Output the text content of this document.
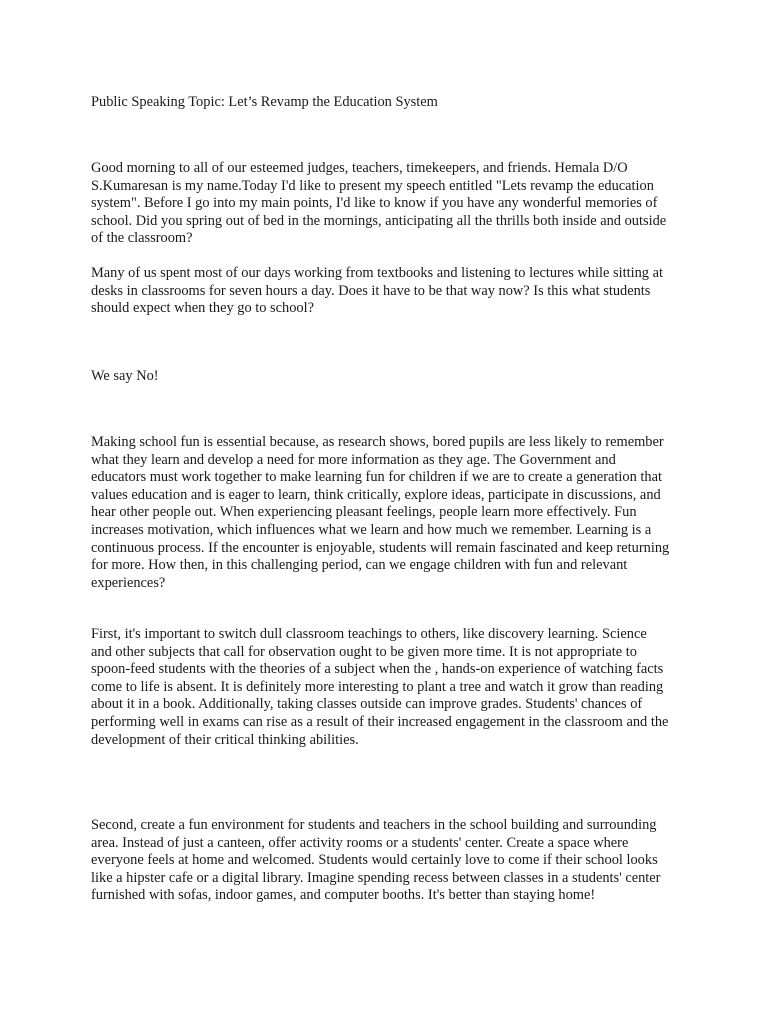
Public Speaking Topic: Let’s Revamp the Education System

Good morning to all of our esteemed judges, teachers, timekeepers, and friends. Hemala D/O S.Kumaresan is my name.Today I'd like to present my speech entitled "Lets revamp the education system". Before I go into my main points, I'd like to know if you have any wonderful memories of school. Did you spring out of bed in the mornings, anticipating all the thrills both inside and outside of the classroom?

Many of us spent most of our days working from textbooks and listening to lectures while sitting at desks in classrooms for seven hours a day. Does it have to be that way now? Is this what students should expect when they go to school?

We say No!

Making school fun is essential because, as research shows, bored pupils are less likely to remember what they learn and develop a need for more information as they age. The Government and educators must work together to make learning fun for children if we are to create a generation that values education and is eager to learn, think critically, explore ideas, participate in discussions, and hear other people out. When experiencing pleasant feelings, people learn more effectively. Fun increases motivation, which influences what we learn and how much we remember. Learning is a continuous process. If the encounter is enjoyable, students will remain fascinated and keep returning for more. How then, in this challenging period, can we engage children with fun and relevant experiences?

First, it's important to switch dull classroom teachings to others, like discovery learning. Science and other subjects that call for observation ought to be given more time. It is not appropriate to spoon-feed students with the theories of a subject when the , hands-on experience of watching facts come to life is absent. It is definitely more interesting to plant a tree and watch it grow than reading about it in a book. Additionally, taking classes outside can improve grades. Students' chances of performing well in exams can rise as a result of their increased engagement in the classroom and the development of their critical thinking abilities.

Second, create a fun environment for students and teachers in the school building and surrounding area. Instead of just a canteen, offer activity rooms or a students' center. Create a space where everyone feels at home and welcomed. Students would certainly love to come if their school looks like a hipster cafe or a digital library. Imagine spending recess between classes in a students' center furnished with sofas, indoor games, and computer booths. It's better than staying home!
